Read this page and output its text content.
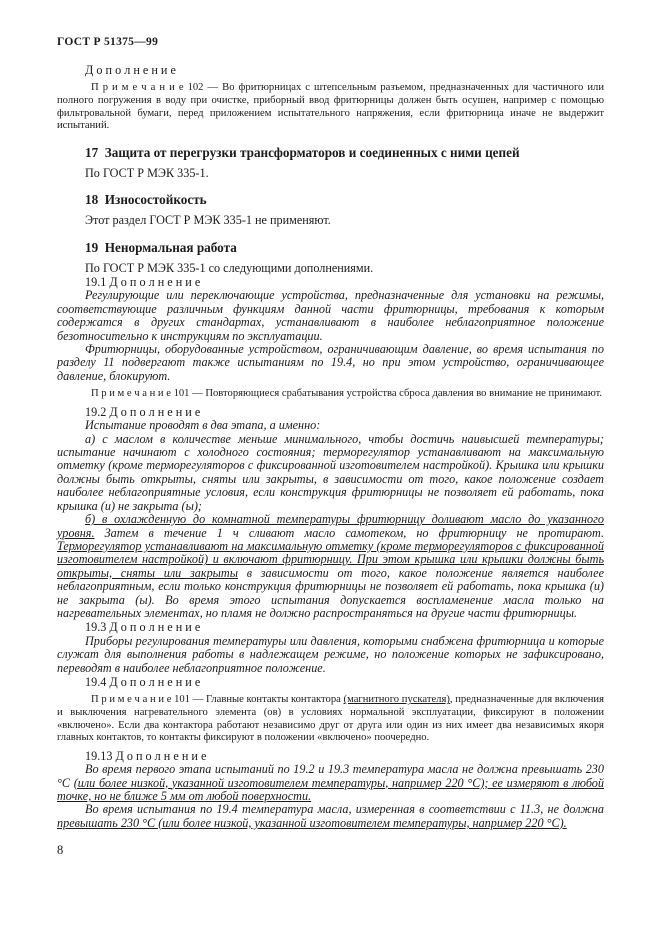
ГОСТ Р 51375—99

Д о п о л н е н и е

П р и м е ч а н и е 102 — Во фритюрницах с штепсельным разъемом, предназначенных для частичного или полного погружения в воду при очистке, приборный ввод фритюрницы должен быть осушен, например с помощью фильтровальной бумаги, перед приложением испытательного напряжения, если фритюрница иначе не выдержит испытаний.

17  Защита от перегрузки трансформаторов и соединенных с ними цепей

По ГОСТ Р МЭК 335-1.

18  Износостойкость

Этот раздел ГОСТ Р МЭК 335-1 не применяют.

19  Ненормальная работа

По ГОСТ Р МЭК 335-1 со следующими дополнениями.

19.1 Д о п о л н е н и е

Регулирующие или переключающие устройства, предназначенные для установки на режимы, соответствующие различным функциям данной части фритюрницы, требования к которым содержатся в других стандартах, устанавливают в наиболее неблагоприятное положение безотносительно к инструкциям по эксплуатации.

Фритюрницы, оборудованные устройством, ограничивающим давление, во время испытания по разделу 11 подвергают также испытаниям по 19.4, но при этом устройство, ограничивающее давление, блокируют.

П р и м е ч а н и е 101 — Повторяющиеся срабатывания устройства сброса давления во внимание не принимают.

19.2 Д о п о л н е н и е

Испытание проводят в два этапа, а именно:

а) с маслом в количестве меньше минимального, чтобы достичь наивысшей температуры; испытание начинают с холодного состояния; терморегулятор устанавливают на максимальную отметку (кроме терморегуляторов с фиксированной изготовителем настройкой). Крышка или крышки должны быть открыты, сняты или закрыты, в зависимости от того, какое положение создает наиболее неблагоприятные условия, если конструкция фритюрницы не позволяет ей работать, пока крышка (и) не закрыта (ы);

б) в охлажденную до комнатной температуры фритюрницу доливают масло до указанного уровня. Затем в течение 1 ч сливают масло самотеком, но фритюрницу не протирают. Терморегулятор устанавливают на максимальную отметку (кроме терморегуляторов с фиксированной изготовителем настройкой) и включают фритюрницу. При этом крышка или крышки должны быть открыты, сняты или закрыты в зависимости от того, какое положение является наиболее неблагоприятным, если только конструкция фритюрницы не позволяет ей работать, пока крышка (и) не закрыта (ы). Во время этого испытания допускается воспламенение масла только на нагревательных элементах, но пламя не должно распространяться на другие части фритюрницы.

19.3 Д о п о л н е н и е

Приборы регулирования температуры или давления, которыми снабжена фритюрница и которые служат для выполнения работы в надлежащем режиме, но положение которых не зафиксировано, переводят в наиболее неблагоприятное положение.

19.4 Д о п о л н е н и е

П р и м е ч а н и е 101 — Главные контакты контактора (магнитного пускателя), предназначенные для включения и выключения нагревательного элемента (ов) в условиях нормальной эксплуатации, фиксируют в положении «включено». Если два контактора работают независимо друг от друга или один из них имеет два независимых якоря главных контактов, то контакты фиксируют в положении «включено» поочередно.

19.13 Д о п о л н е н и е

Во время первого этапа испытаний по 19.2 и 19.3 температура масла не должна превышать 230 °С (или более низкой, указанной изготовителем температуры, например 220 °С); ее измеряют в любой точке, но не ближе 5 мм от любой поверхности.

Во время испытания по 19.4 температура масла, измеренная в соответствии с 11.3, не должна превышать 230 °С (или более низкой, указанной изготовителем температуры, например 220 °С).

8
